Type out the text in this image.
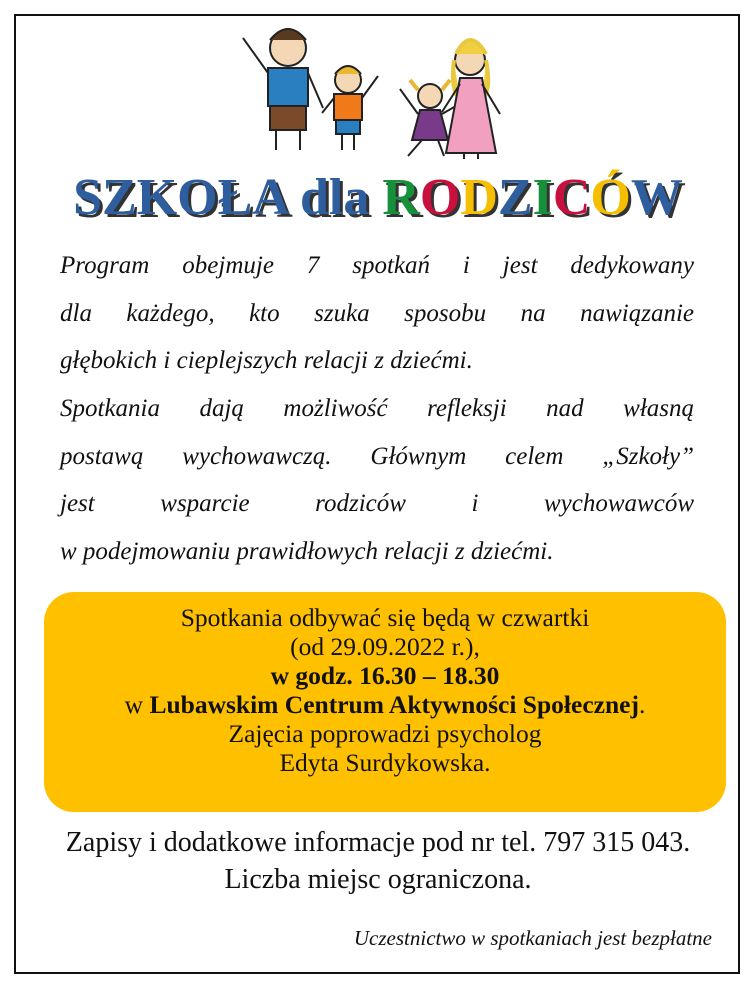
SZKOŁA dla RODZICÓW
Program obejmuje 7 spotkań i jest dedykowany
dla każdego, kto szuka sposobu na nawiązanie
głębokich i cieplejszych relacji z dziećmi.
Spotkania dają możliwość refleksji nad własną
postawą wychowawczą. Głównym celem „Szkoły”
jest wsparcie rodziców i wychowawców
w podejmowaniu prawidłowych relacji z dziećmi.
Spotkania odbywać się będą w czwartki
(od 29.09.2022 r.),
w godz. 16.30 – 18.30
w Lubawskim Centrum Aktywności Społecznej.
Zajęcia poprowadzi psycholog
Edyta Surdykowska.
Zapisy i dodatkowe informacje pod nr tel. 797 315 043.
Liczba miejsc ograniczona.
Uczestnictwo w spotkaniach jest bezpłatne
